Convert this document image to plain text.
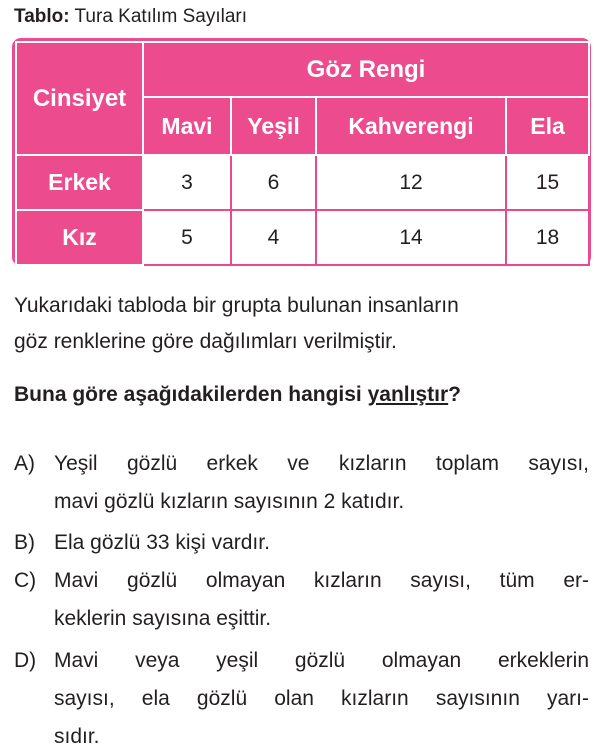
Tablo: Tura Katılım Sayıları
Cinsiyet	Göz Rengi			
	Mavi	Yeşil	Kahverengi	Ela
Erkek	3	6	12	15
Kız	5	4	14	18
Yukarıdaki tabloda bir grupta bulunan insanların
göz renklerine göre dağılımları verilmiştir.
Buna göre aşağıdakilerden hangisi yanlıştır?
A) Yeşil gözlü erkek ve kızların toplam sayısı,
mavi gözlü kızların sayısının 2 katıdır.
B) Ela gözlü 33 kişi vardır.
C) Mavi gözlü olmayan kızların sayısı, tüm er-
keklerin sayısına eşittir.
D) Mavi veya yeşil gözlü olmayan erkeklerin
sayısı, ela gözlü olan kızların sayısının yarı-
sıdır.
